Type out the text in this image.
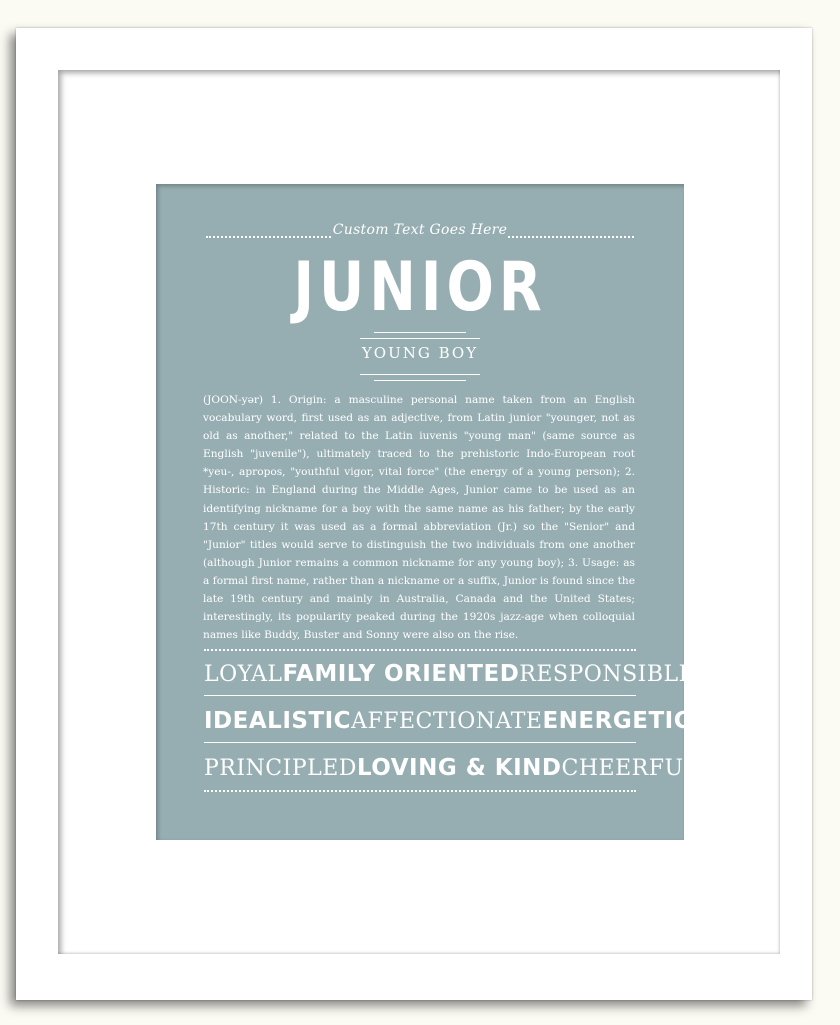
Custom Text Goes Here
JUNIOR
YOUNG BOY
(JOON-yər) 1. Origin: a masculine personal name taken from an English vocabulary word, first used as an adjective, from Latin junior "younger, not as old as another," related to the Latin iuvenis "young man" (same source as English "juvenile"), ultimately traced to the prehistoric Indo-European root *yeu-, apropos, "youthful vigor, vital force" (the energy of a young person); 2. Historic: in England during the Middle Ages, Junior came to be used as an identifying nickname for a boy with the same name as his father; by the early 17th century it was used as a formal abbreviation (Jr.) so the "Senior" and "Junior" titles would serve to distinguish the two individuals from one another (although Junior remains a common nickname for any young boy); 3. Usage: as a formal first name, rather than a nickname or a suffix, Junior is found since the late 19th century and mainly in Australia, Canada and the United States; interestingly, its popularity peaked during the 1920s jazz-age when colloquial names like Buddy, Buster and Sonny were also on the rise.
LOYAL FAMILY ORIENTED RESPONSIBLE
IDEALISTIC AFFECTIONATE ENERGETIC
PRINCIPLED LOVING & KIND CHEERFUL
